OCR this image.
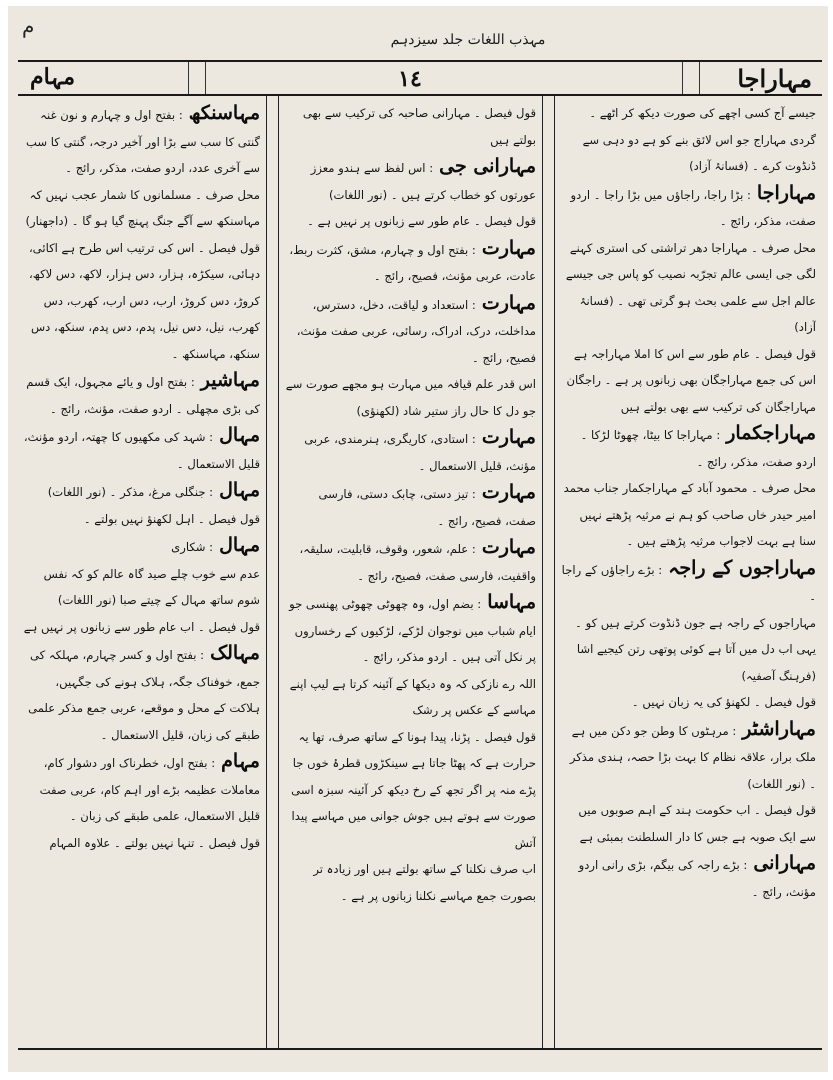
م
مہذب اللغات جلد سیزدہم
مہام	١٤	مہاراجا
جیسے آج کسی اچھے کی صورت دیکھ کر اٹھے ۔ گردی مہاراج جو اس لائق بنے کو ہے دو دہی سے ڈنڈوت کرے ۔ (فسانۂ آزاد)
مہاراجا: بڑا راجا، راجاؤں میں بڑا راجا ۔ اردو صفت، مذکر، رائج ۔
محل صرف ۔ مہاراجا دھر تراشتی کی استری کہنے لگی جی ایسی عالم تجرّبہ نصیب کو پاس جی جیسے عالم اجل سے علمی بحث ہو گرتی تھی ۔ (فسانۂ آزاد)
قول فیصل ۔ عام طور سے اس کا املا مہاراجہ ہے اس کی جمع مہاراجگان بھی زبانوں پر ہے ۔ راجگان مہاراجگان کی ترکیب سے بھی بولتے ہیں
مہاراجکمار: مہاراجا کا بیٹا، چھوٹا لڑکا ۔ اردو صفت، مذکر، رائج ۔
محل صرف ۔ محمود آباد کے مہاراجکمار جناب محمد امیر حیدر خاں صاحب کو ہم نے مرثیہ پڑھتے نہیں سنا ہے بہت لاجواب مرثیہ پڑھتے ہیں ۔
مہاراجوں کے راجہ: بڑے راجاؤں کے راجا ۔
مہاراجوں کے راجہ ہے جون ڈنڈوت کرتے ہیں کو ۔ یہی اب دل میں آتا ہے کوئی پوتھی رتن کیجیے اشا (فرہنگ آصفیہ)
قول فیصل ۔ لکھنؤ کی یہ زبان نہیں ۔
مہاراشٹر: مرہٹوں کا وطن جو دکن میں ہے ملک برار، علاقہ نظام کا بہت بڑا حصہ، ہندی مذکر ۔ (نور اللغات)
قول فیصل ۔ اب حکومت ہند کے اہم صوبوں میں سے ایک صوبہ ہے جس کا دار السلطنت بمبئی ہے
مہارانی: بڑے راجہ کی بیگم، بڑی رانی اردو مؤنث، رائج ۔
قول فیصل ۔ مہارانی صاحبہ کی ترکیب سے بھی بولتے ہیں
مہارانی جی: اس لفظ سے ہندو معزز عورتوں کو خطاب کرتے ہیں ۔ (نور اللغات)
قول فیصل ۔ عام طور سے زبانوں پر نہیں ہے ۔
مہارت: بفتح اول و چہارم، مشق، کثرت ربط، عادت، عربی مؤنث، فصیح، رائج ۔
مہارت: استعداد و لیاقت، دخل، دسترس، مداخلت، درک، ادراک، رسائی، عربی صفت مؤنث، فصیح، رائج ۔
اس قدر علم قیافہ میں مہارت ہو مجھے صورت سے جو دل کا حال راز ستیر شاد (لکھنؤی)
مہارت: استادی، کاریگری، ہنرمندی، عربی مؤنث، قلیل الاستعمال ۔
مہارت: تیز دستی، چابک دستی، فارسی صفت، فصیح، رائج ۔
مہارت: علم، شعور، وقوف، قابلیت، سلیقہ، واقفیت، فارسی صفت، فصیح، رائج ۔
مہاسا: بضم اول، وہ چھوٹی چھوٹی پھنسی جو ایام شباب میں نوجوان لڑکے، لڑکیوں کے رخساروں پر نکل آتی ہیں ۔ اردو مذکر، رائج ۔
اللہ رے نازکی کہ وہ دیکھا کے آئینہ کرتا ہے لیپ اپنے مہاسے کے عکس پر رشک
قول فیصل ۔ پڑنا، پیدا ہونا کے ساتھ صرف، تھا یہ حرارت ہے کہ پھٹا جاتا ہے سینکڑوں قطرۂ خوں جا پڑے منہ پر اگر تجھ کے رخ دیکھ کر آئینہ سبزہ اسی صورت سے ہوتے ہیں جوش جوانی میں مہاسے پیدا آتش
اب صرف نکلنا کے ساتھ بولتے ہیں اور زیادہ تر بصورت جمع مہاسے نکلنا زبانوں پر ہے ۔
مہاسنکھ: بفتح اول و چہارم و نون غنہ گنتی کا سب سے بڑا اور آخیر درجہ، گنتی کا سب سے آخری عدد، اردو صفت، مذکر، رائج ۔
محل صرف ۔ مسلمانوں کا شمار عجب نہیں کہ مہاسنکھ سے آگے جنگ پہنچ گیا ہو گا ۔ (داجھنار)
قول فیصل ۔ اس کی ترتیب اس طرح ہے اکائی، دہائی، سیکڑہ، ہزار، دس ہزار، لاکھ، دس لاکھ، کروڑ، دس کروڑ، ارب، دس ارب، کھرب، دس کھرب، نیل، دس نیل، پدم، دس پدم، سنکھ، دس سنکھ، مہاسنکھ ۔
مہاشیر: بفتح اول و یائے مجہول، ایک قسم کی بڑی مچھلی ۔ اردو صفت، مؤنث، رائج ۔
مہال: شہد کی مکھیوں کا چھتہ، اردو مؤنث، قلیل الاستعمال ۔
مہال: جنگلی مرغ، مذکر ۔ (نور اللغات)
قول فیصل ۔ اہل لکھنؤ نہیں بولتے ۔
مہال: شکاری
عدم سے خوب چلے صید گاہ عالم کو کہ نفس شوم ساتھ مہال کے چیتے صبا (نور اللغات)
قول فیصل ۔ اب عام طور سے زبانوں پر نہیں ہے
مہالک: بفتح اول و کسر چہارم، مہلکہ کی جمع، خوفناک جگہ، ہلاک ہونے کی جگہیں، ہلاکت کے محل و موقعے، عربی جمع مذکر علمی طبقے کی زبان، قلیل الاستعمال ۔
مہام: بفتح اول، خطرناک اور دشوار کام، معاملات عظیمہ بڑے اور اہم کام، عربی صفت قلیل الاستعمال، علمی طبقے کی زبان ۔
قول فیصل ۔ تنہا نہیں بولتے ۔ علاوہ المہام
